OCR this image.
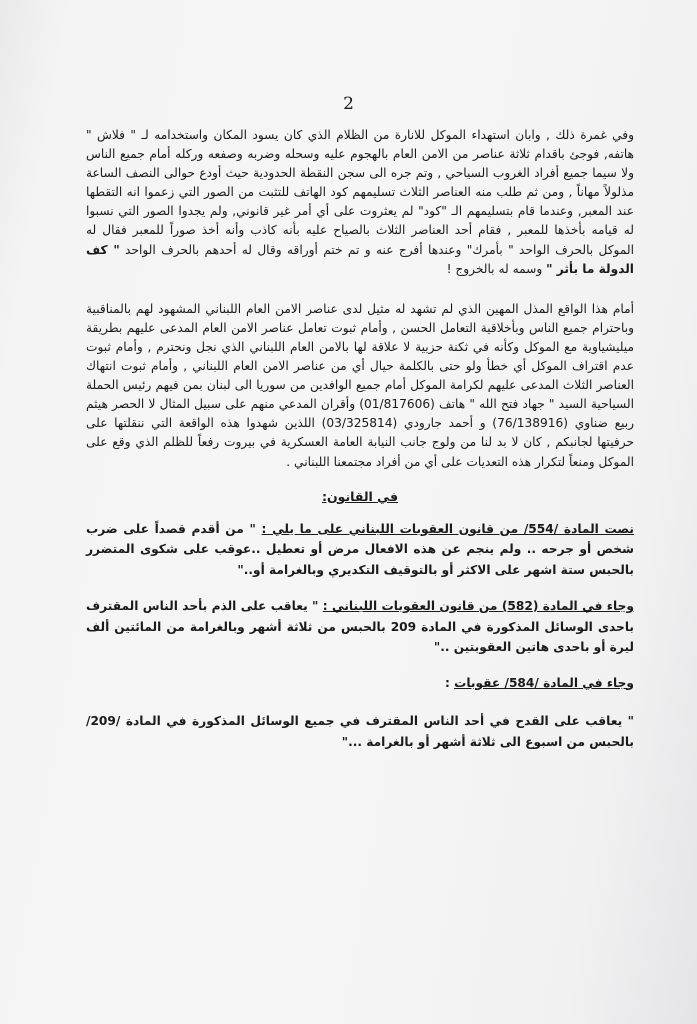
2

وفي غمرة ذلك , وابان استهداء الموكل للانارة من الظلام الذي كان يسود المكان واستخدامه لـ " فلاش " هاتفه, فوجئ باقدام ثلاثة عناصر من الامن العام بالهجوم عليه وسحله وضربه وصفعه وركله أمام جميع الناس ولا سيما جميع أفراد الغروب السياحي , وتم جره الى سجن النقطة الحدودية حيث أودع حوالى النصف الساعة مذلولاً مهاناً , ومن ثم طلب منه العناصر الثلاث تسليمهم كود الهاتف للتثبت من الصور التي زعموا انه التقطها عند المعبر, وعندما قام بتسليمهم الـ "كود" لم يعثروت على أي أمر غير قانوني, ولم يجدوا الصور التي نسبوا له قيامه بأخذها للمعبر , فقام أحد العناصر الثلاث بالصياح عليه بأنه كاذب وأنه أخذ صوراً للمعبر فقال له الموكل بالحرف الواحد " بأمرك" وعندها أفرج عنه و تم ختم أوراقه وقال له أحدهم بالحرف الواحد " كف الدولة ما بأثر " وسمه له بالخروج !

أمام هذا الواقع المذل المهين الذي لم تشهد له مثيل لدى عناصر الامن العام اللبناني المشهود لهم بالمناقبية وباحترام جميع الناس وبأخلاقية التعامل الحسن , وأمام ثبوت تعامل عناصر الامن العام المدعى عليهم بطريقة ميليشياوية مع الموكل وكأنه في ثكنة حزبية لا علاقة لها بالامن العام اللبناني الذي نجل ونحترم , وأمام ثبوت عدم اقتراف الموكل أي خطأ ولو حتى بالكلمة حيال أي من عناصر الامن العام اللبناني , وأمام ثبوت انتهاك العناصر الثلاث المدعى عليهم لكرامة الموكل أمام جميع الوافدين من سوريا الى لبنان بمن فيهم رئيس الحملة السياحية السيد " جهاد فتح الله " هاتف (01/817606) وأقران المدعي منهم على سبيل المثال لا الحصر هيثم ربيع ضناوي (76/138916) و أحمد جارودي (03/325814) اللذين شهدوا هذه الواقعة التي ننقلتها على حرفيتها لجانبكم , كان لا بد لنا من ولوج جانب النيابة العامة العسكرية في بيروت رفعاً للظلم الذي وقع على الموكل ومنعاً لتكرار هذه التعديات على أي من أفراد مجتمعنا اللبناني .

في القانون:

نصت المادة /554/ من قانون العقوبات اللبناني على ما يلي : " من أقدم قصداً على ضرب شخص أو جرحه .. ولم ينجم عن هذه الافعال مرض أو تعطيل ..عوقب على شكوى المتضرر بالحبس ستة اشهر على الاكثر أو بالتوقيف التكديري وبالغرامة أو.."

وجاء في المادة (582) من قانون العقوبات اللبناني : " يعاقب على الذم بأحد الناس المقترف باحدى الوسائل المذكورة في المادة 209 بالحبس من ثلاثة أشهر وبالغرامة من المائتين ألف ليرة أو باحدى هاتين العقوبتين .."

وجاء في المادة /584/ عقوبات :

" يعاقب على القدح في أحد الناس المقترف في جميع الوسائل المذكورة في المادة /209/ بالحبس من اسبوع الى ثلاثة أشهر أو بالغرامة ..."
